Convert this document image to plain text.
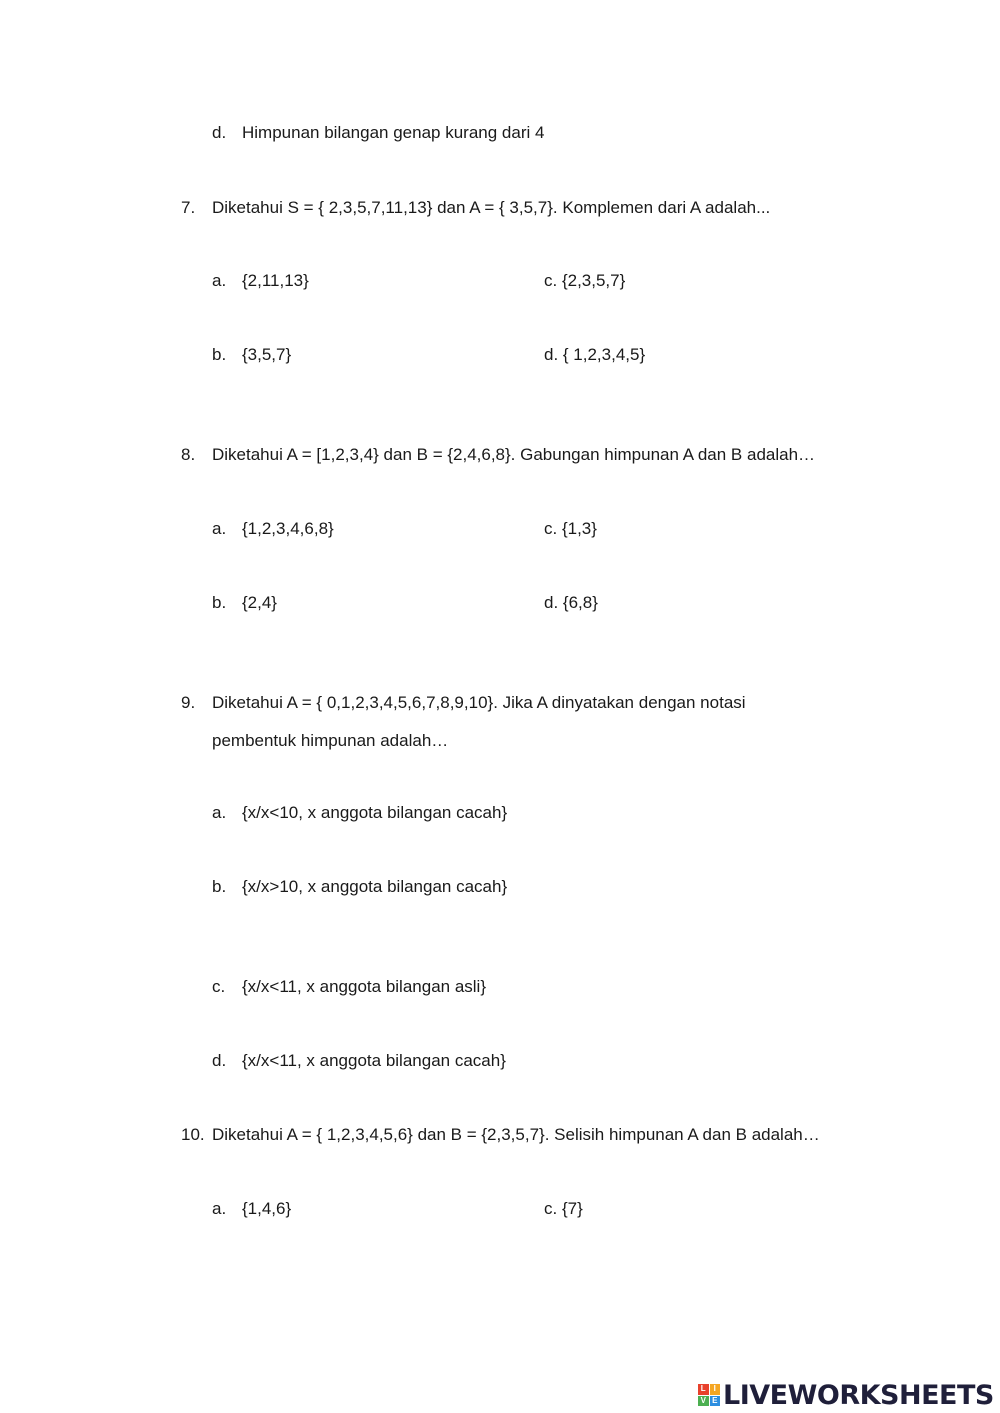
d. Himpunan bilangan genap kurang dari 4
7. Diketahui S = { 2,3,5,7,11,13} dan A = { 3,5,7}. Komplemen dari A adalah...
a. {2,11,13}	c. {2,3,5,7}
b. {3,5,7}	d. { 1,2,3,4,5}
8. Diketahui A = [1,2,3,4} dan B = {2,4,6,8}. Gabungan himpunan A dan B adalah…
a. {1,2,3,4,6,8}	c. {1,3}
b. {2,4}	d. {6,8}
9. Diketahui A = { 0,1,2,3,4,5,6,7,8,9,10}. Jika A dinyatakan dengan notasi
pembentuk himpunan adalah…
a. {x/x<10, x anggota bilangan cacah}
b. {x/x>10, x anggota bilangan cacah}
c. {x/x<11, x anggota bilangan asli}
d. {x/x<11, x anggota bilangan cacah}
10. Diketahui A = { 1,2,3,4,5,6} dan B = {2,3,5,7}. Selisih himpunan A dan B adalah…
a. {1,4,6}	c. {7}
L I
V E LIVEWORKSHEETS
